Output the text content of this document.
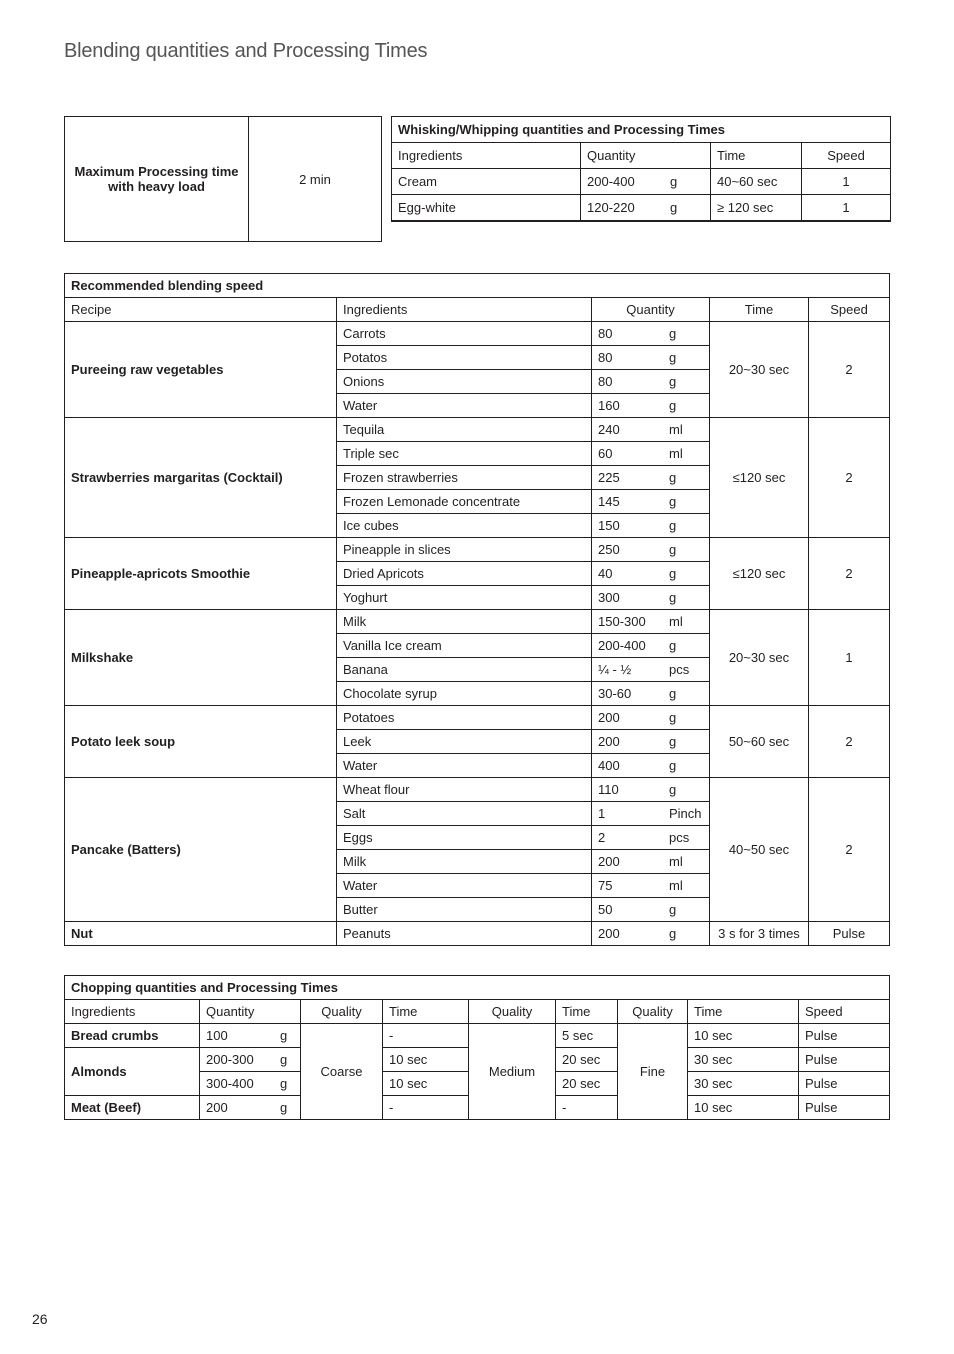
Blending quantities and Processing Times
Maximum Processing time with heavy load	2 min
Whisking/Whipping quantities and Processing Times			
Ingredients	Quantity	Time	Speed
Cream	200-400 g	40~60 sec	1
Egg-white	120-220 g	≥ 120 sec	1
Recommended blending speed				
Recipe	Ingredients	Quantity	Time	Speed
Pureeing raw vegetables	Carrots	80 g	20~30 sec	2
	Potatos	80 g		

	Onions	80 g		

	Water	160 g		

Strawberries margaritas (Cocktail)	Tequila	240 ml	≤120 sec	2
	Triple sec	60 ml		

	Frozen strawberries	225 g		

	Frozen Lemonade concentrate	145 g		

	Ice cubes	150 g		

Pineapple-apricots Smoothie	Pineapple in slices	250 g	≤120 sec	2
	Dried Apricots	40 g		

	Yoghurt	300 g		

Milkshake	Milk	150-300 ml	20~30 sec	1
	Vanilla Ice cream	200-400 g		

	Banana	¼ - ½ pcs		

	Chocolate syrup	30-60 g		

Potato leek soup	Potatoes	200 g	50~60 sec	2
	Leek	200 g		

	Water	400 g		

Pancake (Batters)	Wheat flour	110 g	40~50 sec	2
	Salt	1 Pinch		

	Eggs	2 pcs		

	Milk	200 ml		

	Water	75 ml		

	Butter	50 g		

Nut	Peanuts	200 g	3 s for 3 times	Pulse
Chopping quantities and Processing Times								
Ingredients	Quantity	Quality	Time	Quality	Time	Quality	Time	Speed
Bread crumbs	100 g	Coarse	-	Medium	5 sec	Fine	10 sec	Pulse
Almonds	200-300 g		10 sec		20 sec		30 sec	Pulse

	300-400 g		10 sec		20 sec		30 sec	Pulse
Meat (Beef)	200 g		-		-		10 sec	Pulse
26
